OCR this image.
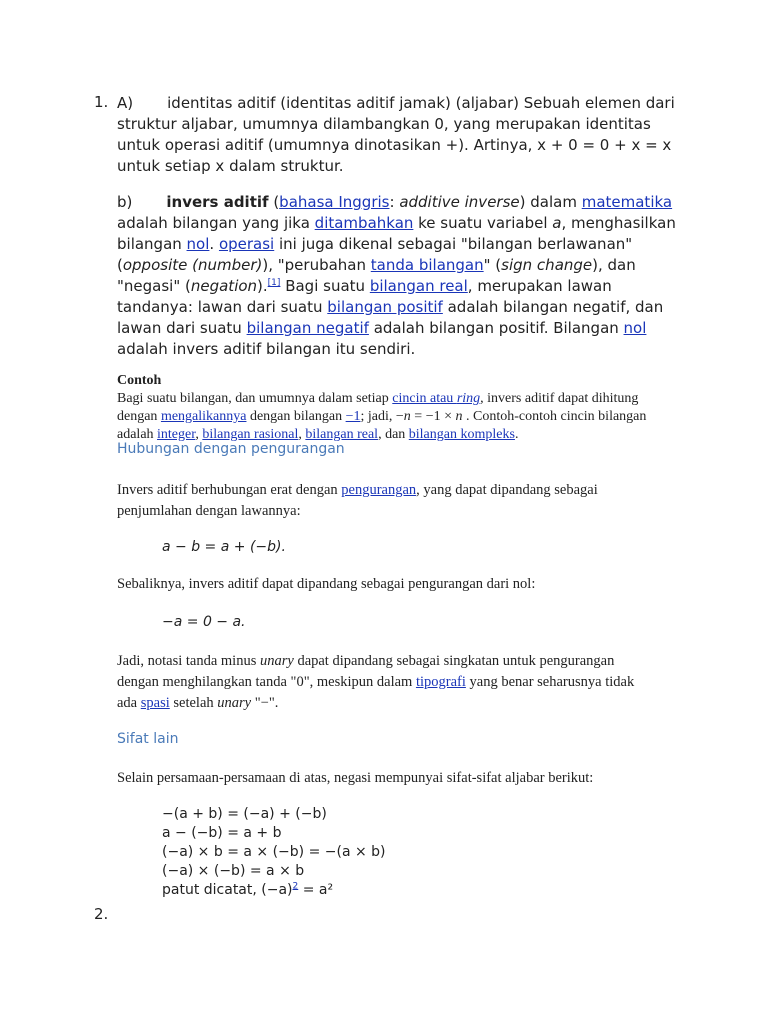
1.
2.
A) identitas aditif (identitas aditif jamak) (aljabar) Sebuah elemen dari struktur aljabar, umumnya dilambangkan 0, yang merupakan identitas untuk operasi aditif (umumnya dinotasikan +). Artinya, x + 0 = 0 + x = x untuk setiap x dalam struktur.
b) invers aditif (bahasa Inggris: additive inverse) dalam matematika adalah bilangan yang jika ditambahkan ke suatu variabel a, menghasilkan bilangan nol. operasi ini juga dikenal sebagai "bilangan berlawanan" (opposite (number)), "perubahan tanda bilangan" (sign change), dan "negasi" (negation).[1] Bagi suatu bilangan real, merupakan lawan tandanya: lawan dari suatu bilangan positif adalah bilangan negatif, dan lawan dari suatu bilangan negatif adalah bilangan positif. Bilangan nol adalah invers aditif bilangan itu sendiri.
Contoh
Bagi suatu bilangan, dan umumnya dalam setiap cincin atau ring, invers aditif dapat dihitung dengan mengalikannya dengan bilangan −1; jadi, −n = −1 × n . Contoh-contoh cincin bilangan adalah integer, bilangan rasional, bilangan real, dan bilangan kompleks.
Hubungan dengan pengurangan
Invers aditif berhubungan erat dengan pengurangan, yang dapat dipandang sebagai penjumlahan dengan lawannya:
a − b = a + (−b).
Sebaliknya, invers aditif dapat dipandang sebagai pengurangan dari nol:
−a = 0 − a.
Jadi, notasi tanda minus unary dapat dipandang sebagai singkatan untuk pengurangan dengan menghilangkan tanda "0", meskipun dalam tipografi yang benar seharusnya tidak ada spasi setelah unary "−".
Sifat lain
Selain persamaan-persamaan di atas, negasi mempunyai sifat-sifat aljabar berikut:
−(a + b) = (−a) + (−b)
a − (−b) = a + b
(−a) × b = a × (−b) = −(a × b)
(−a) × (−b) = a × b
patut dicatat, $(-a)^2 = a^2$
